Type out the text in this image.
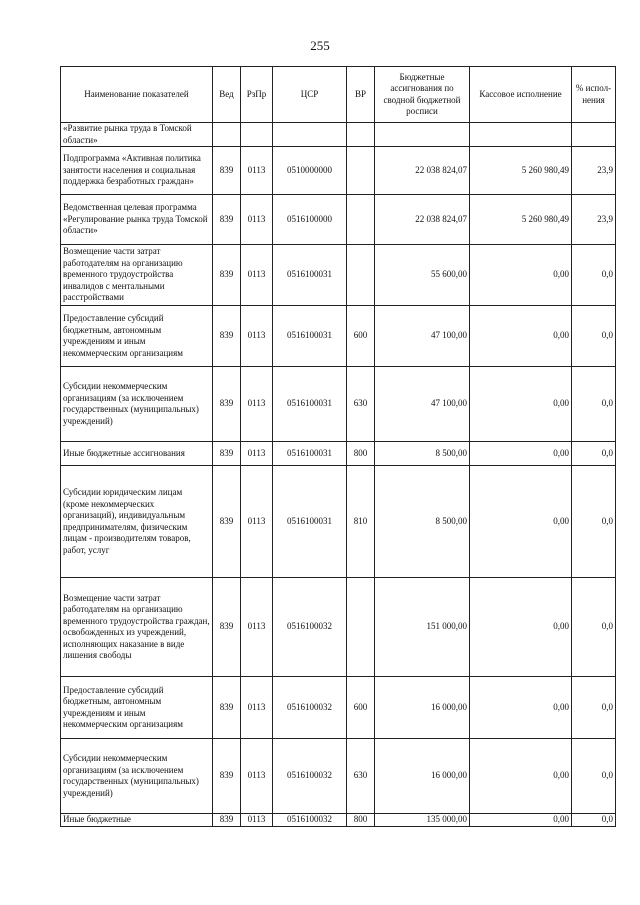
255
Наименование показателей	Вед	РзПр	ЦСР	ВР	Бюджетные ассигнования по сводной бюджетной росписи	Кассовое исполнение	% испол-нения
«Развитие рынка труда в Томской области»							
Подпрограмма «Активная политика занятости населения и социальная поддержка безработных граждан»	839	0113	0510000000		22 038 824,07	5 260 980,49	23,9
Ведомственная целевая программа «Регулирование рынка труда Томской области»	839	0113	0516100000		22 038 824,07	5 260 980,49	23,9
Возмещение части затрат работодателям на организацию временного трудоустройства инвалидов с ментальными расстройствами	839	0113	0516100031		55 600,00	0,00	0,0
Предоставление субсидий бюджетным, автономным учреждениям и иным некоммерческим организациям	839	0113	0516100031	600	47 100,00	0,00	0,0
Субсидии некоммерческим организациям (за исключением государственных (муниципальных) учреждений)	839	0113	0516100031	630	47 100,00	0,00	0,0
Иные бюджетные ассигнования	839	0113	0516100031	800	8 500,00	0,00	0,0
Субсидии юридическим лицам (кроме некоммерческих организаций), индивидуальным предпринимателям, физическим лицам - производителям товаров, работ, услуг	839	0113	0516100031	810	8 500,00	0,00	0,0
Возмещение части затрат работодателям на организацию временного трудоустройства граждан, освобожденных из учреждений, исполняющих наказание в виде лишения свободы	839	0113	0516100032		151 000,00	0,00	0,0
Предоставление субсидий бюджетным, автономным учреждениям и иным некоммерческим организациям	839	0113	0516100032	600	16 000,00	0,00	0,0
Субсидии некоммерческим организациям (за исключением государственных (муниципальных) учреждений)	839	0113	0516100032	630	16 000,00	0,00	0,0
Иные бюджетные	839	0113	0516100032	800	135 000,00	0,00	0,0
